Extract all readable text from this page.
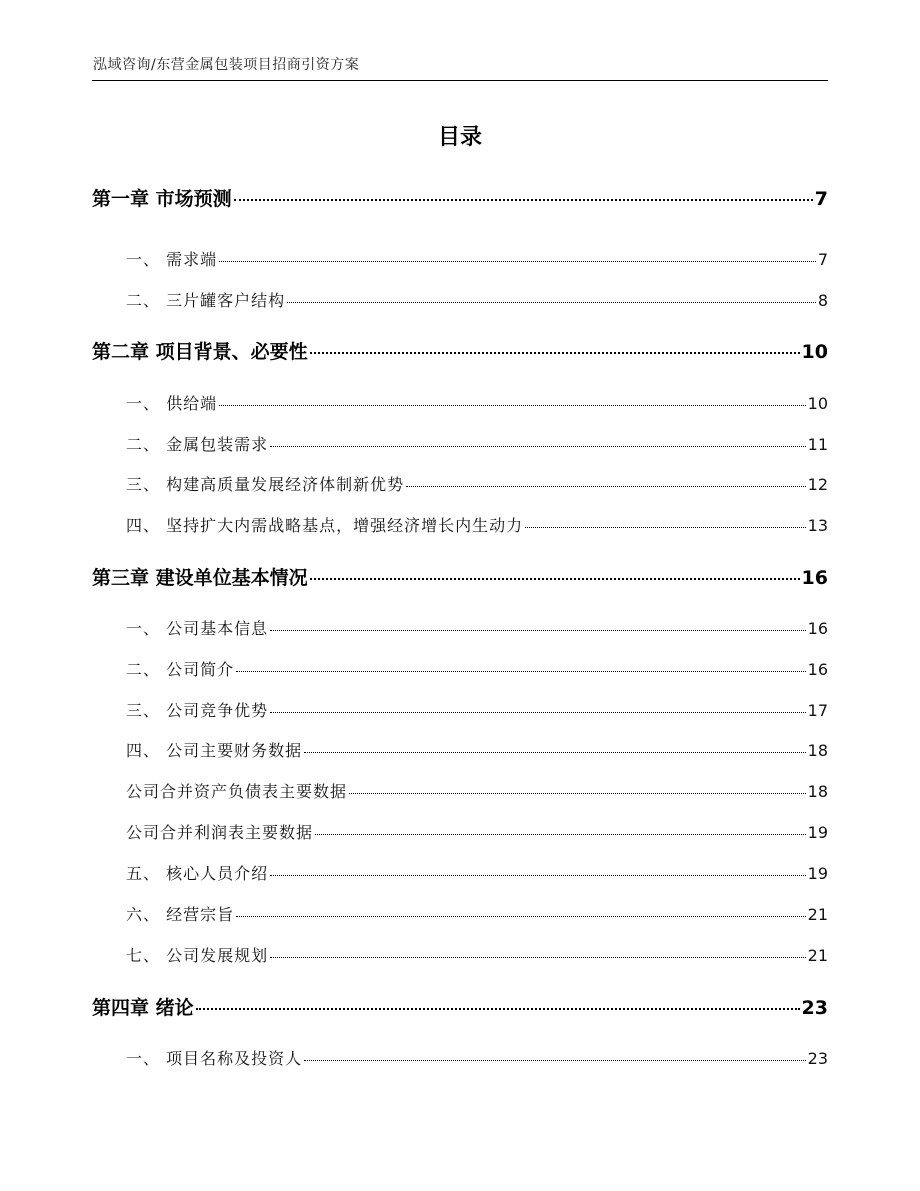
泓域咨询/东营金属包装项目招商引资方案
目录
第一章 市场预测	7
一、 需求端	7
二、 三片罐客户结构	8
第二章 项目背景、必要性	10
一、 供给端	10
二、 金属包装需求	11
三、 构建高质量发展经济体制新优势	12
四、 坚持扩大内需战略基点，增强经济增长内生动力	13
第三章 建设单位基本情况	16
一、 公司基本信息	16
二、 公司简介	16
三、 公司竞争优势	17
四、 公司主要财务数据	18
公司合并资产负债表主要数据	18
公司合并利润表主要数据	19
五、 核心人员介绍	19
六、 经营宗旨	21
七、 公司发展规划	21
第四章 绪论	23
一、 项目名称及投资人	23
